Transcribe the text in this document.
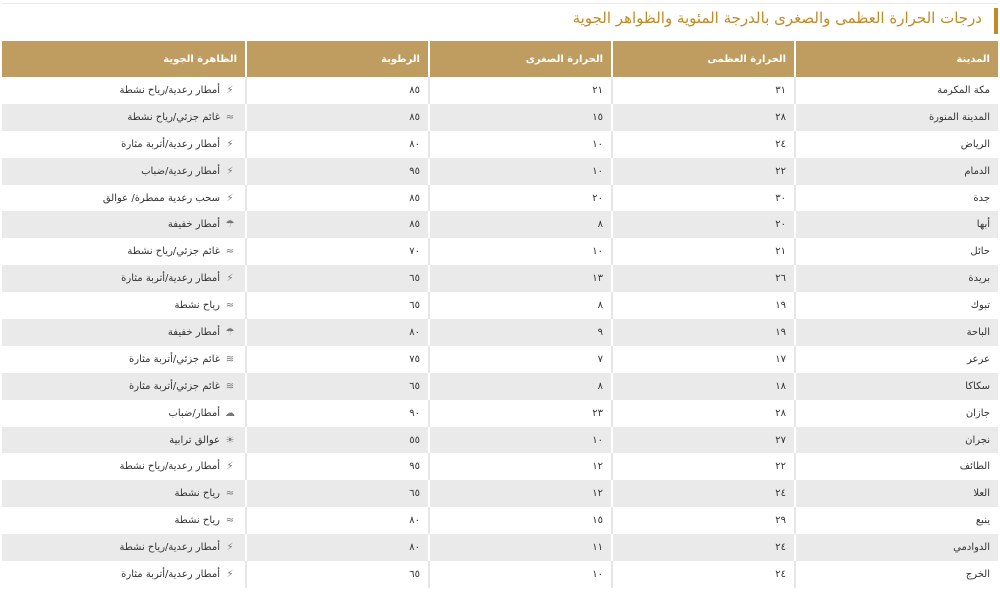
درجات الحرارة العظمى والصغرى بالدرجة المئوية والظواهر الجوية
المدينة	الحرارة العظمى	الحرارة الصغرى	الرطوبة	الظاهرة الجوية
مكة المكرمة	٣١	٢١	٨٥	⚡أمطار رعدية/رياح نشطة
المدينة المنورة	٢٨	١٥	٨٥	≈غائم جزئي/رياح نشطة
الرياض	٢٤	١٠	٨٠	⚡أمطار رعدية/أتربة مثارة
الدمام	٢٢	١٠	٩٥	⚡أمطار رعدية/ضباب
جدة	٣٠	٢٠	٨٥	⚡سحب رعدية ممطرة/ عوالق
أبها	٢٠	٨	٨٥	☂أمطار خفيفة
حائل	٢١	١٠	٧٠	≈غائم جزئي/رياح نشطة
بريدة	٢٦	١٣	٦٥	⚡أمطار رعدية/أتربة مثارة
تبوك	١٩	٨	٦٥	≈رياح نشطة
الباحة	١٩	٩	٨٠	☂أمطار خفيفة
عرعر	١٧	٧	٧٥	≋غائم جزئي/أتربة مثارة
سكاكا	١٨	٨	٦٥	≋غائم جزئي/أتربة مثارة
جازان	٢٨	٢٣	٩٠	☁أمطار/ضباب
نجران	٢٧	١٠	٥٥	☀عوالق ترابية
الطائف	٢٢	١٢	٩٥	⚡أمطار رعدية/رياح نشطة
العلا	٢٤	١٢	٦٥	≈رياح نشطة
ينبع	٢٩	١٥	٨٠	≈رياح نشطة
الدوادمي	٢٤	١١	٨٠	⚡أمطار رعدية/رياح نشطة
الخرج	٢٤	١٠	٦٥	⚡أمطار رعدية/أتربة مثارة
